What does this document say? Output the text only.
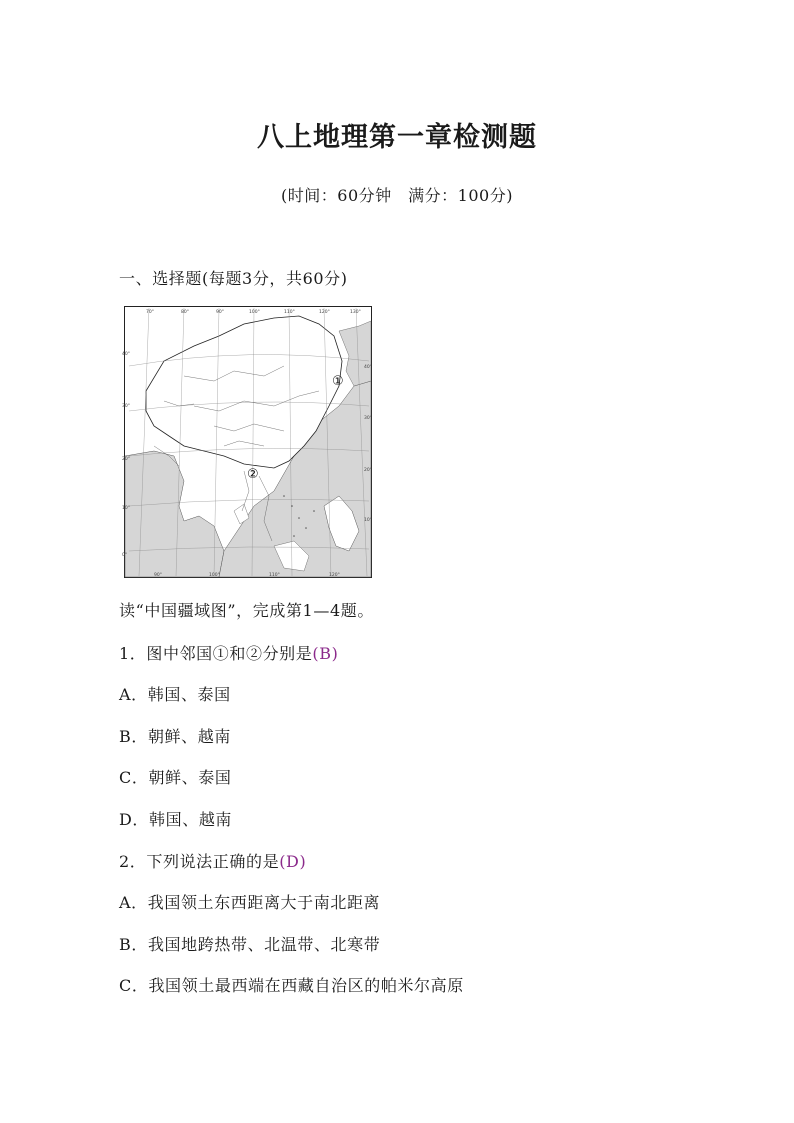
八上地理第一章检测题
(时间：60分钟　满分：100分)
一、选择题(每题3分，共60分)
70°	80°	90°	100°	110°	120°	130°
40°
30°
20°
10°
0°
40°
30°
20°
10°
90°	100°	110°	120°
①
②
读“中国疆域图”，完成第1—4题。
1．图中邻国①和②分别是(B)
A．韩国、泰国
B．朝鲜、越南
C．朝鲜、泰国
D．韩国、越南
2．下列说法正确的是(D)
A．我国领土东西距离大于南北距离
B．我国地跨热带、北温带、北寒带
C．我国领土最西端在西藏自治区的帕米尔高原
